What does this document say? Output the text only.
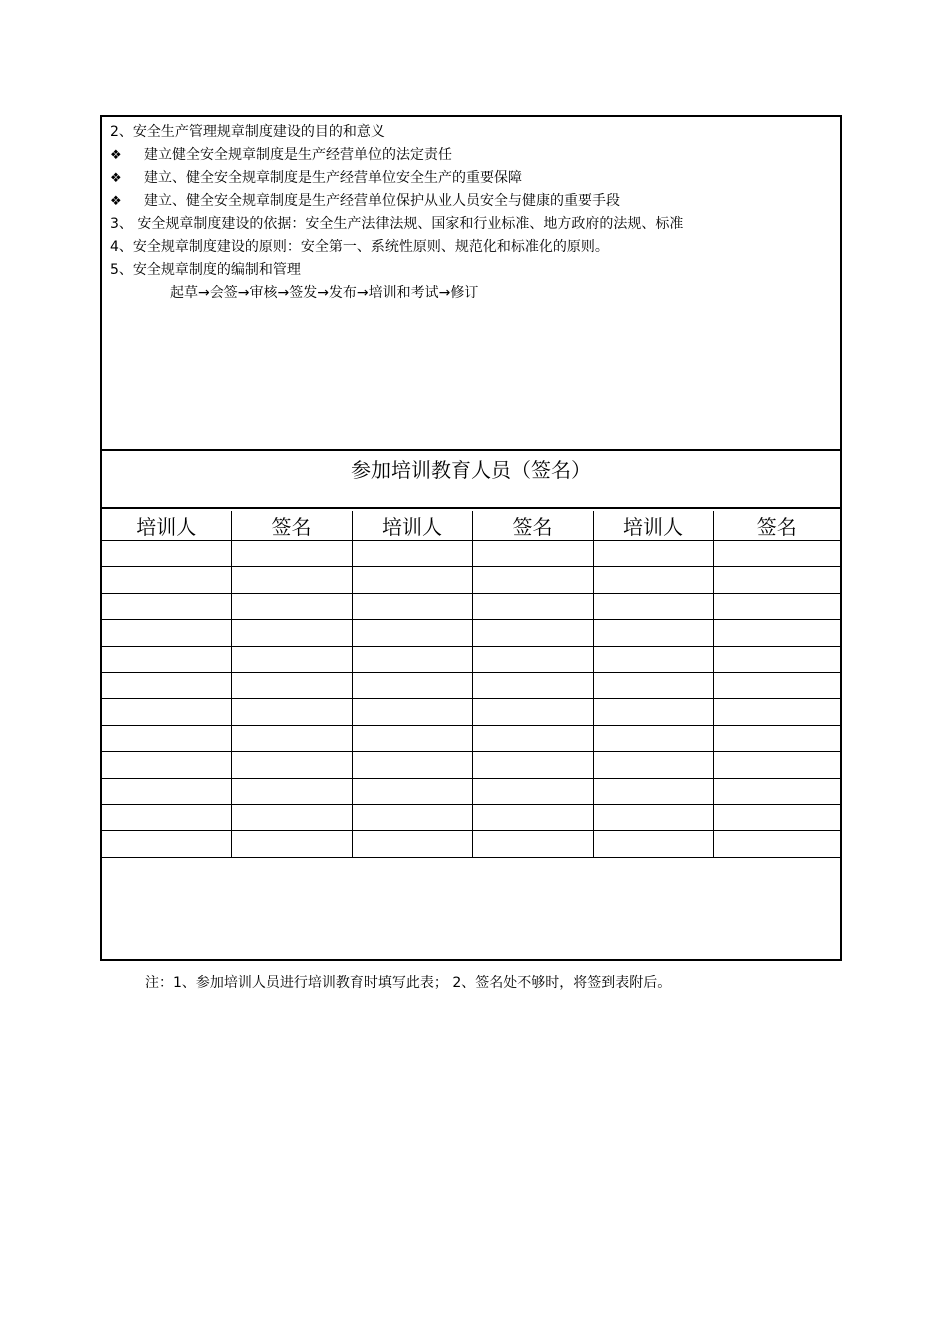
2、安全生产管理规章制度建设的目的和意义
❖ 建立健全安全规章制度是生产经营单位的法定责任
❖ 建立、健全安全规章制度是生产经营单位安全生产的重要保障
❖ 建立、健全安全规章制度是生产经营单位保护从业人员安全与健康的重要手段
3、 安全规章制度建设的依据：安全生产法律法规、国家和行业标准、地方政府的法规、标准
4、安全规章制度建设的原则：安全第一、系统性原则、规范化和标准化的原则。
5、安全规章制度的编制和管理
起草→会签→审核→签发→发布→培训和考试→修订
参加培训教育人员（签名）
培训人	签名	培训人	签名	培训人	签名

注：1、参加培训人员进行培训教育时填写此表； 2、签名处不够时，将签到表附后。
